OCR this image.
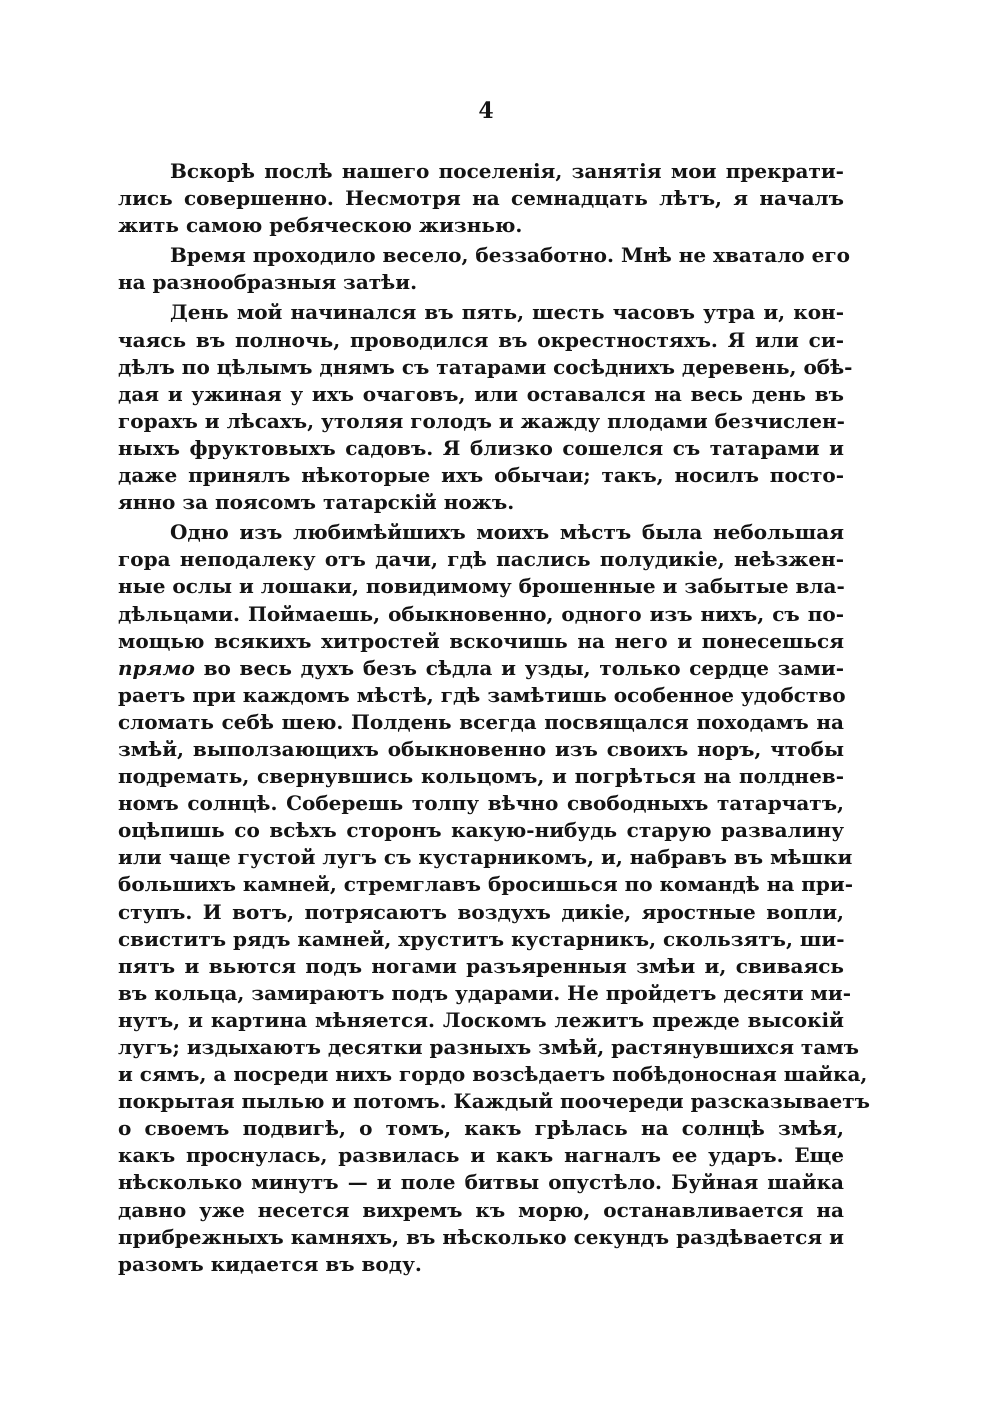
4
Вскорѣ послѣ нашего поселенія, занятія мои прекрати-
лись совершенно. Несмотря на семнадцать лѣтъ, я началъ
жить самою ребяческою жизнью.
Время проходило весело, беззаботно. Мнѣ не хватало его
на разнообразныя затѣи.
День мой начинался въ пять, шесть часовъ утра и, кон-
чаясь въ полночь, проводился въ окрестностяхъ. Я или си-
дѣлъ по цѣлымъ днямъ съ татарами сосѣднихъ деревень, обѣ-
дая и ужиная у ихъ очаговъ, или оставался на весь день въ
горахъ и лѣсахъ, утоляя голодъ и жажду плодами безчислен-
ныхъ фруктовыхъ садовъ. Я близко сошелся съ татарами и
даже принялъ нѣкоторые ихъ обычаи; такъ, носилъ посто-
янно за поясомъ татарскій ножъ.
Одно изъ любимѣйшихъ моихъ мѣстъ была небольшая
гора неподалеку отъ дачи, гдѣ паслись полудикіе, неѣзжен-
ные ослы и лошаки, повидимому брошенные и забытые вла-
дѣльцами. Поймаешь, обыкновенно, одного изъ нихъ, съ по-
мощью всякихъ хитростей вскочишь на него и понесешься
прямо во весь духъ безъ сѣдла и узды, только сердце зами-
раетъ при каждомъ мѣстѣ, гдѣ замѣтишь особенное удобство
сломать себѣ шею. Полдень всегда посвящался походамъ на
змѣй, выползающихъ обыкновенно изъ своихъ норъ, чтобы
подремать, свернувшись кольцомъ, и погрѣться на полднев-
номъ солнцѣ. Соберешь толпу вѣчно свободныхъ татарчатъ,
оцѣпишь со всѣхъ сторонъ какую-нибудь старую развалину
или чаще густой лугъ съ кустарникомъ, и, набравъ въ мѣшки
большихъ камней, стремглавъ бросишься по командѣ на при-
ступъ. И вотъ, потрясаютъ воздухъ дикіе, яростные вопли,
свиститъ рядъ камней, хруститъ кустарникъ, скользятъ, ши-
пятъ и вьются подъ ногами разъяренныя змѣи и, свиваясь
въ кольца, замираютъ подъ ударами. Не пройдетъ десяти ми-
нутъ, и картина мѣняется. Лоскомъ лежитъ прежде высокій
лугъ; издыхаютъ десятки разныхъ змѣй, растянувшихся тамъ
и сямъ, а посреди нихъ гордо возсѣдаетъ побѣдоносная шайка,
покрытая пылью и потомъ. Каждый поочереди разсказываетъ
о своемъ подвигѣ, о томъ, какъ грѣлась на солнцѣ змѣя,
какъ проснулась, развилась и какъ нагналъ ее ударъ. Еще
нѣсколько минутъ — и поле битвы опустѣло. Буйная шайка
давно уже несется вихремъ къ морю, останавливается на
прибрежныхъ камняхъ, въ нѣсколько секундъ раздѣвается и
разомъ кидается въ воду.
